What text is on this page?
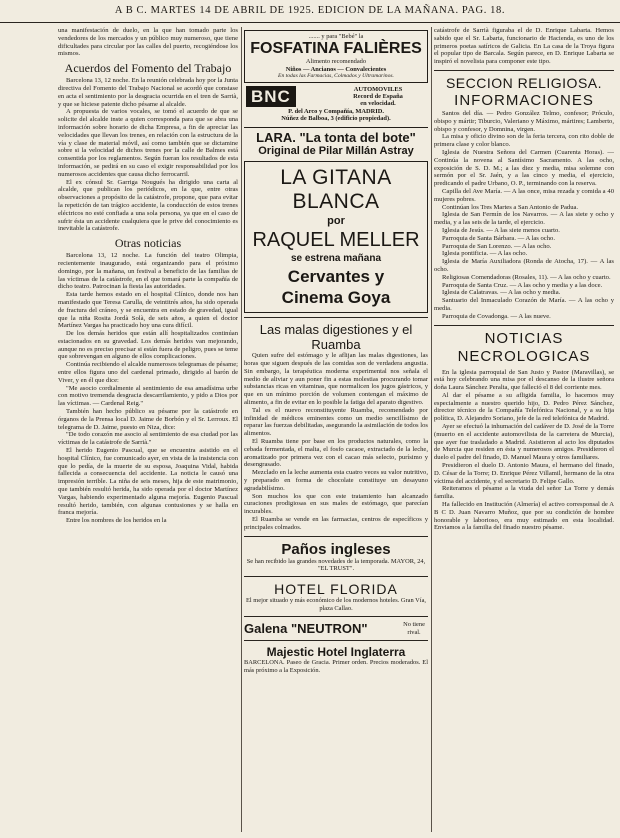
A B C. MARTES 14 DE ABRIL DE 1925. EDICION DE LA MAÑANA. PAG. 18.

una manifestación de duelo, en la que han tomado parte los vendedores de los mercados y un público muy numeroso, que tiene dificultades para circular por las calles del puerto, recogiéndose los mismos.

Acuerdos del Fomento del Trabajo

Barcelona 13, 12 noche. En la reunión celebrada hoy por la Junta directiva del Fomento del Trabajo Nacional se acordó que constase en acta el sentimiento por la desgracia ocurrida en el tren de Sarrià, y que se hiciese patente dicho pésame al alcalde.

A propuesta de varios vocales, se tomó el acuerdo de que se solicite del alcalde inste a quien corresponda para que se abra una información sobre horario de dicha Empresa, a fin de apreciar las velocidades que llevan los trenes, en relación con la estructura de la vía y clase de material móvil, así como también que se dictamine sobre si la velocidad de dichos trenes por la calle de Balmes está consentida por los reglamentos. Según fueran los resultados de esta información, se pedirá en su caso el exigir responsabilidad por los numerosos accidentes que causa dicho ferrocarril.

El ex cónsul Sr. Garriga Nougués ha dirigido una carta al alcalde, que publican los periódicos, en la que, entre otras observaciones a propósito de la catástrofe, propone, que para evitar la repetición de tan trágico accidente, la conducción de estos trenes eléctricos no esté confiada a una sola persona, ya que en el caso de sufrir ésta un accidente cualquiera que le prive del conocimiento es inevitable la catástrofe.

Otras noticias

Barcelona 13, 12 noche. La función del teatro Olimpia, recientemente inaugurado, está organizando para el próximo domingo, por la mañana, un festival a beneficio de las familias de las víctimas de la catástrofe, en el que tomará parte la compañía de dicho teatro. Patrocinan la fiesta las autoridades.

Esta tarde hemos estado en el hospital Clínico, donde nos han manifestado que Teresa Carulla, de veintitrés años, ha sido operada de fractura del cráneo, y se encuentra en estado de gravedad, igual que la niña Rosita Jordà Solà, de seis años, a quien el doctor Martínez Vargas ha practicado hoy una cura difícil.

De los demás heridos que están allí hospitalizados continúan estacionados en su gravedad. Los demás heridos van mejorando, aunque no es preciso precisar si están fuera de peligro, pues se teme que sobrevengan en alguno de ellos complicaciones.

Continúa recibiendo el alcalde numerosos telegramas de pésame; entre ellos figura uno del cardenal primado, dirigido al barón de Viver, y en él que dice:

"Me asocio cordialmente al sentimiento de esa amadísima urbe con motivo tremenda desgracia descarrilamiento, y pido a Dios por las víctimas. — Cardenal Reig."

También han hecho público su pésame por la catástrofe en órganos de la Prensa local D. Jaime de Borbón y el Sr. Lerroux. El telegrama de D. Jaime, puesto en Niza, dice:

"De todo corazón me asocio al sentimiento de esa ciudad por las víctimas de la catástrofe de Sarrià."

El herido Eugenio Pascual, que se encuentra asistido en el hospital Clínico, fue comunicado ayer, en vista de la insistencia con que lo pedía, de la muerte de su esposa, Joaquina Vidal, habida fallecida a consecuencia del accidente. La noticia le causó una impresión terrible. La niña de seis meses, hija de este matrimonio, que también resultó herida, ha sido operada por el doctor Martínez Vargas, habiendo experimentado alguna mejoría. Eugenio Pascual resultó herido, también, con algunas contusiones y se halla en franca mejoría.

Entre los nombres de los heridos en la

....... y para "Bebé" la
FOSFATINA FALIÈRES
Alimento recomendado
Niños — Ancianos — Convalecientes
En todas las Farmacias, Colmados y Ultramarinos.
BNC	AUTOMOVILES
Record de España
en velocidad.
P. del Arco y Compañía, MADRID.
Núñez de Balboa, 3 (edificio propiedad).
LARA. "La tonta del bote"
Original de Pilar Millán Astray
LA GITANA BLANCA
por
RAQUEL MELLER
se estrena mañana
Cervantes y
Cinema Goya
Las malas digestiones y el Ruamba

Quien sufre del estómago y le aflijan las malas digestiones, las horas que siguen después de las comidas son de verdadera angustia. Sin embargo, la terapéutica moderna experimental nos señala el medio de aliviar y aun poner fin a estas molestias procurando tomar substancias ricas en vitaminas, que normalicen los jugos gástricos, y que en un mínimo porción de volumen contengan el máximo de alimento, a fin de evitar en lo posible la fatiga del aparato digestivo.

Tal es el nuevo reconstituyente Ruamba, recomendado por infinidad de médicos eminentes como un medio sencillísimo de reparar las fuerzas debilitadas, asegurando la asimilación de todos los alimentos.

El Ruamba tiene por base en los productos naturales, como la cebada fermentada, el malta, el fosfo cacaoe, extractado de la leche, aromatizado por primera vez con el cacao más selecto, purísimo y desengrasado.

Mezclado en la leche aumenta esta cuatro veces su valor nutritivo, y preparado en forma de chocolate constituye un desayuno agradabilísimo.

Son muchos los que con este tratamiento han alcanzado curaciones prodigiosas en sus males de estómago, que parecían incurables.

El Ruamba se vende en las farmacias, centros de específicos y principales colmados.

Paños ingleses
Se han recibido las grandes novedades de la temporada. MAYOR, 24, "EL TRUST".
HOTEL FLORIDA
El mejor situado y más económico de los modernos hoteles. Gran Vía, plaza Callao.
Galena "NEUTRON"	No tiene rival.
Majestic Hotel Inglaterra
BARCELONA. Paseo de Gracia. Primer orden. Precios moderados. El más próximo a la Exposición.

catástrofe de Sarrià figuraba el de D. Enrique Labarta. Hemos sabido que el Sr. Labarta, funcionario de Hacienda, es uno de los primeros poetas satíricos de Galicia. En La casa de la Troya figura el popular tipo de Barcala. Según parece, en D. Enrique Labarta se inspiró el novelista para componer este tipo.

SECCION RELIGIOSA.
INFORMACIONES

Santos del día. — Pedro González Telmo, confesor; Próculo, obispo y mártir; Tiburcio, Valeriano y Máximo, mártires; Lamberto, obispo y confesor, y Domnina, virgen.

La misa y oficio divino son de la feria tercera, con rito doble de primera clase y color blanco.

Iglesia de Nuestra Señora del Carmen (Cuarenta Horas). — Continúa la novena al Santísimo Sacramento. A las ocho, exposición de S. D. M.; a las diez y media, misa solemne con sermón por el Sr. Jaén, y a las cinco y media, el ejercicio, predicando el padre Urbano, O. P., terminando con la reserva.

Capilla del Ave María. — A las once, misa rezada y comida a 40 mujeres pobres.

Continúan los Tres Martes a San Antonio de Padua.

Iglesia de San Fermín de los Navarros. — A las siete y ocho y media, y a las seis de la tarde, el ejercicio.

Iglesia de Jesús. — A las siete menos cuarto.

Parroquia de Santa Bárbara. — A las ocho.

Parroquia de San Lorenzo. — A las ocho.

Iglesia pontificia. — A las ocho.

Iglesia de María Auxiliadora (Ronda de Atocha, 17). — A las ocho.

Religiosas Comendadoras (Rosales, 11). — A las ocho y cuarto.

Parroquia de Santa Cruz. — A las ocho y media y a las doce.

Iglesia de Calatravas. — A las ocho y media.

Santuario del Inmaculado Corazón de María. — A las ocho y media.

Parroquia de Covadonga. — A las nueve.

NOTICIAS NECROLOGICAS

En la iglesia parroquial de San Justo y Pastor (Maravillas), se está hoy celebrando una misa por el descanso de la ilustre señora doña Laura Sánchez Peralta, que falleció el 8 del corriente mes.

Al dar el pésame a su afligida familia, lo hacemos muy especialmente a nuestro querido hijo, D. Pedro Pérez Sánchez, director técnico de la Compañía Telefónica Nacional, y a su hija política, D. Alejandro Soriano, jefe de la red telefónica de Madrid.

Ayer se efectuó la inhumación del cadáver de D. José de la Torre (muerto en el accidente automovilista de la carretera de Murcia), que ayer fue trasladado a Madrid. Asistieron al acto los diputados de Murcia que residen en ésta y numerosos amigos. Presidieron el duelo el padre del finado, D. Manuel Maura y otros familiares.

Presidieron el duelo D. Antonio Maura, el hermano del finado, D. César de la Torre; D. Enrique Pérez Villamil, hermano de la otra víctima del accidente, y el secretario D. Felipe Gallo.

Reiteramos el pésame a la viuda del señor La Torre y demás familia.

Ha fallecido en Institución (Almería) el activo corresponsal de A B C D. Juan Navarro Muñoz, que por su condición de hombre honorable y laborioso, era muy estimado en esta localidad. Enviamos a la familia del finado nuestro pésame.
